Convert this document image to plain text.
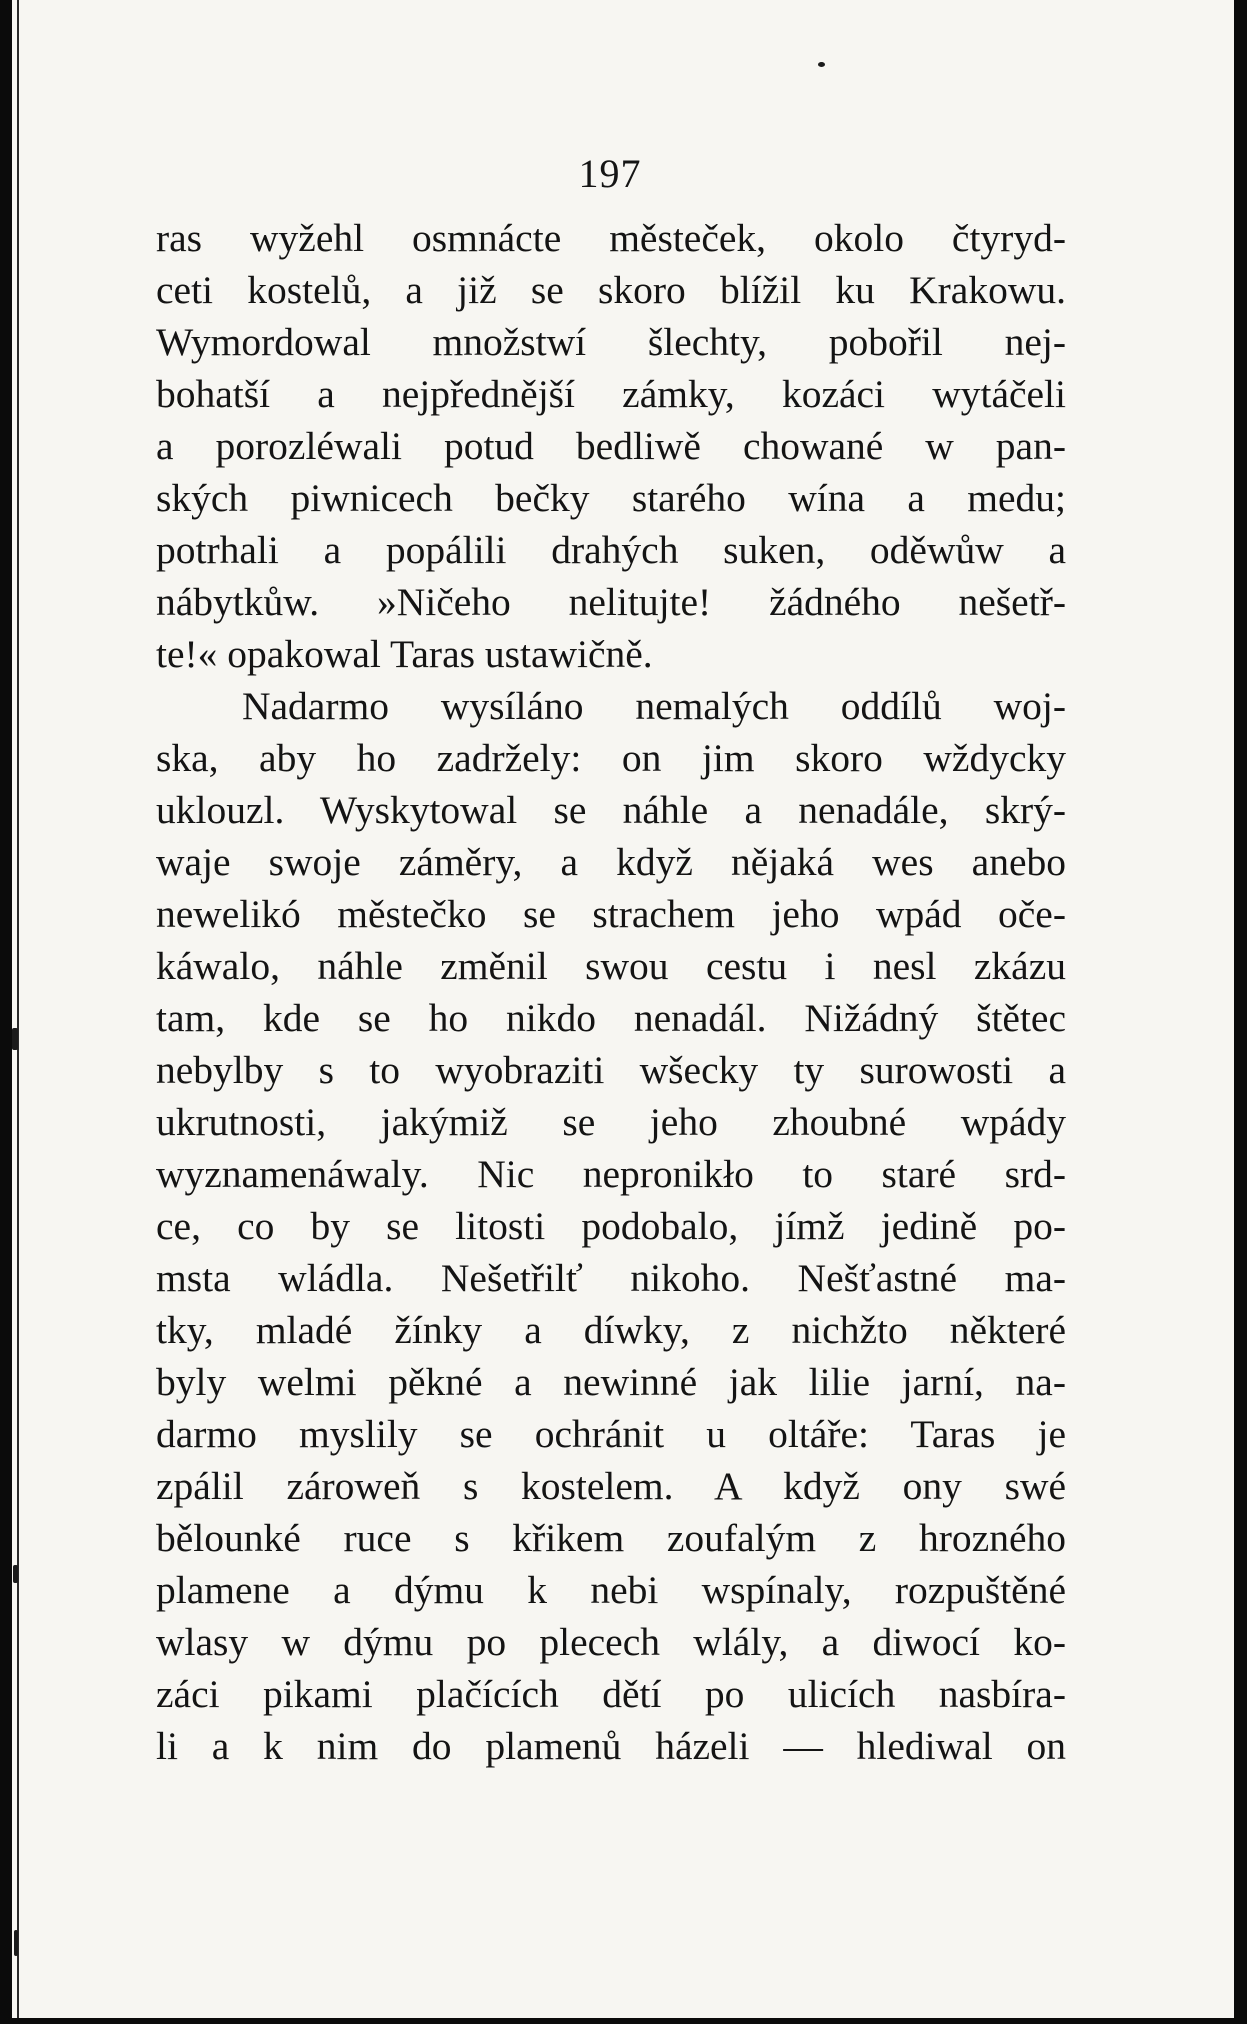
197
ras wyžehl osmnácte městeček, okolo čtyryd-
ceti kostelů, a již se skoro blížil ku Krakowu.
Wymordowal množstwí šlechty, pobořil nej-
bohatší a nejpřednější zámky, kozáci wytáčeli
a porozléwali potud bedliwě chowané w pan-
ských piwnicech bečky starého wína a medu;
potrhali a popálili drahých suken, oděwůw a
nábytkůw. »Ničeho nelitujte! žádného nešetř-
te!« opakowal Taras ustawičně.
Nadarmo wysíláno nemalých oddílů woj-
ska, aby ho zadržely: on jim skoro wždycky
uklouzl. Wyskytowal se náhle a nenadále, skrý-
waje swoje záměry, a když nějaká wes anebo
newelikó městečko se strachem jeho wpád oče-
káwalo, náhle změnil swou cestu i nesl zkázu
tam, kde se ho nikdo nenadál. Nižádný štětec
nebylby s to wyobraziti wšecky ty surowosti a
ukrutnosti, jakýmiž se jeho zhoubné wpády
wyznamenáwaly. Nic nepronikło to staré srd-
ce, co by se litosti podobalo, jímž jedině po-
msta wládla. Nešetřilť nikoho. Nešťastné ma-
tky, mladé žínky a díwky, z nichžto některé
byly welmi pěkné a newinné jak lilie jarní, na-
darmo myslily se ochránit u oltáře: Taras je
zpálil zároweň s kostelem. A když ony swé
bělounké ruce s křikem zoufalým z hrozného
plamene a dýmu k nebi wspínaly, rozpuštěné
wlasy w dýmu po plecech wlály, a diwocí ko-
záci pikami plačících dětí po ulicích nasbíra-
li a k nim do plamenů házeli — hlediwal on
